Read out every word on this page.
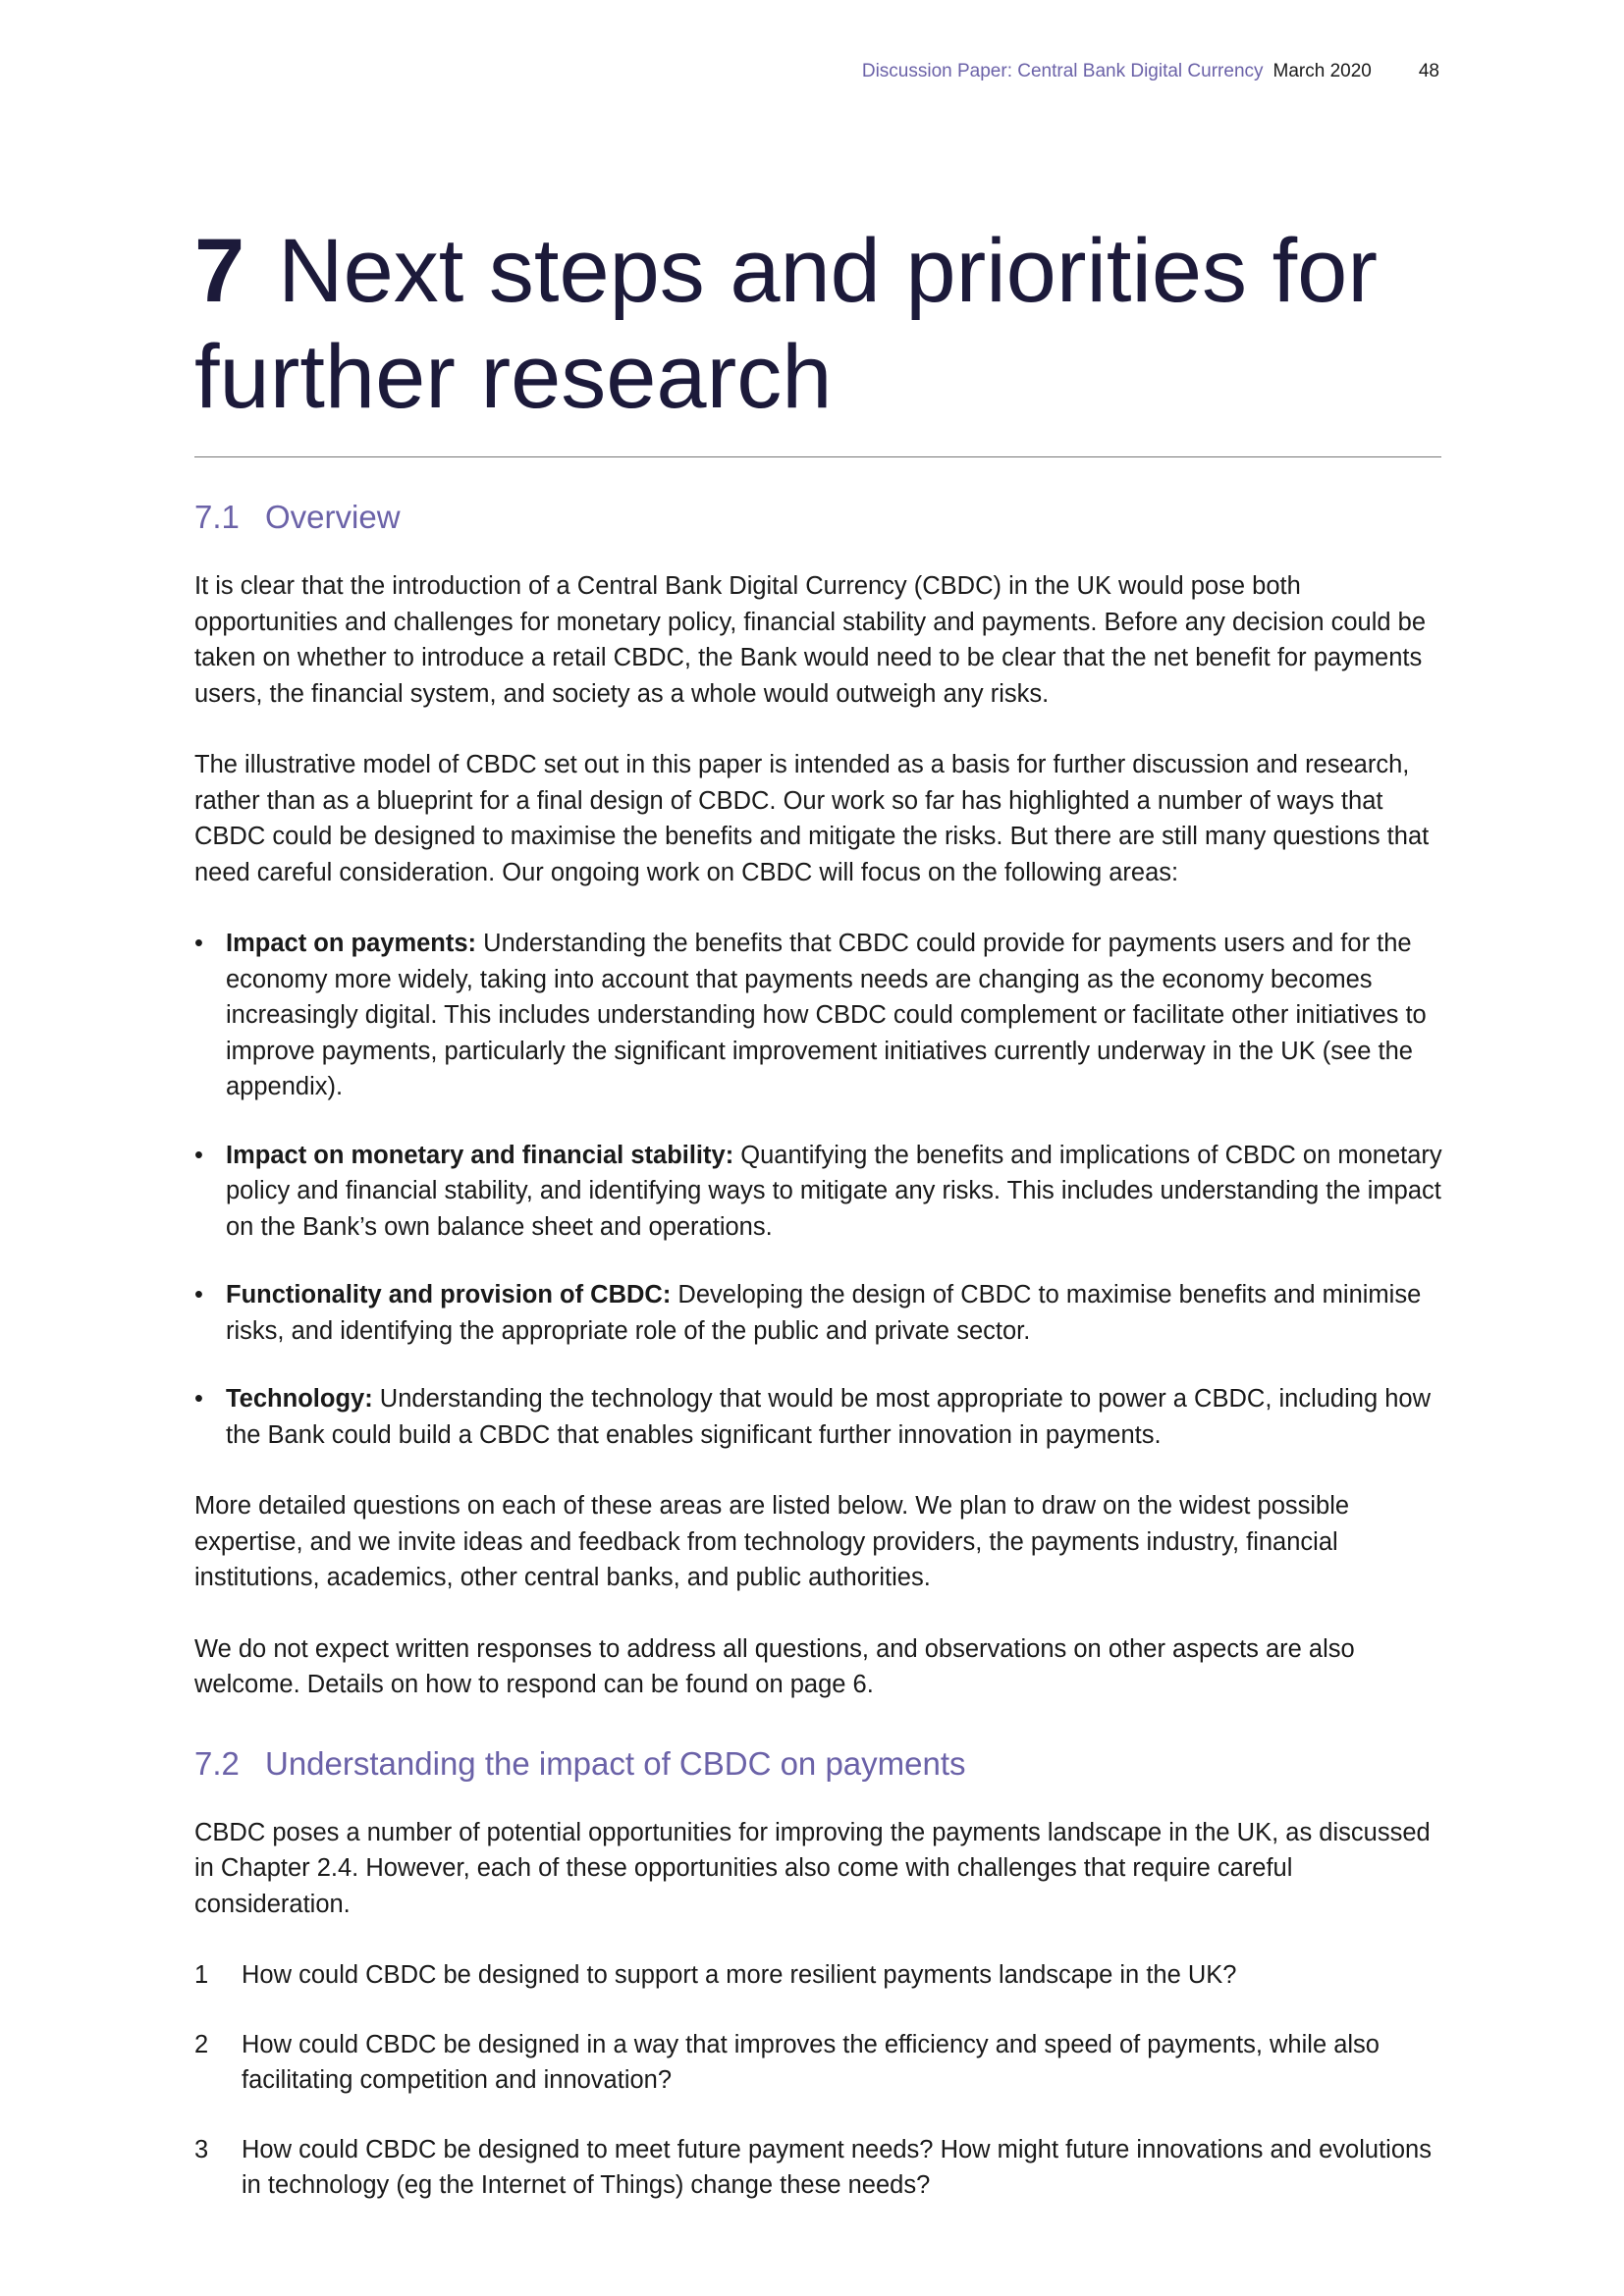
Discussion Paper: Central Bank Digital Currency March 2020	48
7 Next steps and priorities for further research
7.1 Overview

It is clear that the introduction of a Central Bank Digital Currency (CBDC) in the UK would pose both opportunities and challenges for monetary policy, financial stability and payments. Before any decision could be taken on whether to introduce a retail CBDC, the Bank would need to be clear that the net benefit for payments users, the financial system, and society as a whole would outweigh any risks.

The illustrative model of CBDC set out in this paper is intended as a basis for further discussion and research, rather than as a blueprint for a final design of CBDC. Our work so far has highlighted a number of ways that CBDC could be designed to maximise the benefits and mitigate the risks. But there are still many questions that need careful consideration. Our ongoing work on CBDC will focus on the following areas:

• Impact on payments: Understanding the benefits that CBDC could provide for payments users and for the economy more widely, taking into account that payments needs are changing as the economy becomes increasingly digital. This includes understanding how CBDC could complement or facilitate other initiatives to improve payments, particularly the significant improvement initiatives currently underway in the UK (see the appendix).
• Impact on monetary and financial stability: Quantifying the benefits and implications of CBDC on monetary policy and financial stability, and identifying ways to mitigate any risks. This includes understanding the impact on the Bank’s own balance sheet and operations.
• Functionality and provision of CBDC: Developing the design of CBDC to maximise benefits and minimise risks, and identifying the appropriate role of the public and private sector.
• Technology: Understanding the technology that would be most appropriate to power a CBDC, including how the Bank could build a CBDC that enables significant further innovation in payments.

More detailed questions on each of these areas are listed below. We plan to draw on the widest possible expertise, and we invite ideas and feedback from technology providers, the payments industry, financial institutions, academics, other central banks, and public authorities.

We do not expect written responses to address all questions, and observations on other aspects are also welcome. Details on how to respond can be found on page 6.

7.2 Understanding the impact of CBDC on payments

CBDC poses a number of potential opportunities for improving the payments landscape in the UK, as discussed in Chapter 2.4. However, each of these opportunities also come with challenges that require careful consideration.

1 How could CBDC be designed to support a more resilient payments landscape in the UK?
2 How could CBDC be designed in a way that improves the efficiency and speed of payments, while also facilitating competition and innovation?
3 How could CBDC be designed to meet future payment needs? How might future innovations and evolutions in technology (eg the Internet of Things) change these needs?
